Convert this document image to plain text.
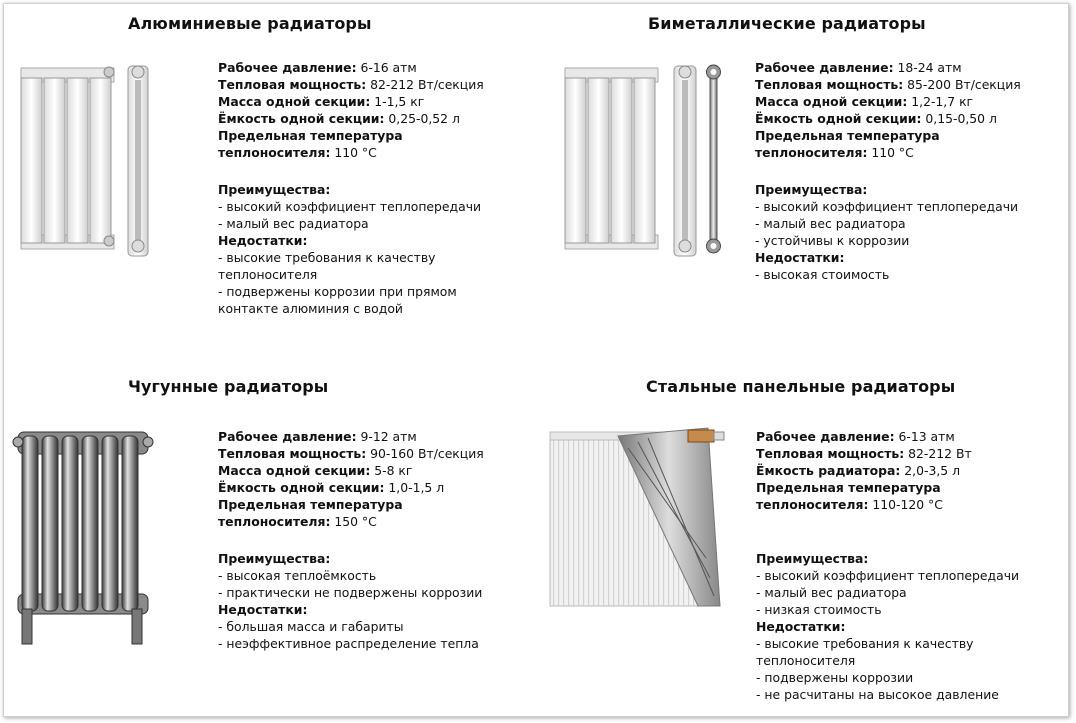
Алюминиевые радиаторы
Рабочее давление: 6-16 атм
Тепловая мощность: 82-212 Вт/секция
Масса одной секции: 1-1,5 кг
Ёмкость одной секции: 0,25-0,52 л
Предельная температура
теплоносителя: 110 °С
Преимущества:
- высокий коэффициент теплопередачи
- малый вес радиатора
Недостатки:
- высокие требования к качеству
теплоносителя
- подвержены коррозии при прямом
контакте алюминия с водой
Биметаллические радиаторы
Рабочее давление: 18-24 атм
Тепловая мощность: 85-200 Вт/секция
Масса одной секции: 1,2-1,7 кг
Ёмкость одной секции: 0,15-0,50 л
Предельная температура
теплоносителя: 110 °С
Преимущества:
- высокий коэффициент теплопередачи
- малый вес радиатора
- устойчивы к коррозии
Недостатки:
- высокая стоимость
Чугунные радиаторы
Рабочее давление: 9-12 атм
Тепловая мощность: 90-160 Вт/секция
Масса одной секции: 5-8 кг
Ёмкость одной секции: 1,0-1,5 л
Предельная температура
теплоносителя: 150 °С
Преимущества:
- высокая теплоёмкость
- практически не подвержены коррозии
Недостатки:
- большая масса и габариты
- неэффективное распределение тепла
Стальные панельные радиаторы
Рабочее давление: 6-13 атм
Тепловая мощность: 82-212 Вт
Ёмкость радиатора: 2,0-3,5 л
Предельная температура
теплоносителя: 110-120 °С
Преимущества:
- высокий коэффициент теплопередачи
- малый вес радиатора
- низкая стоимость
Недостатки:
- высокие требования к качеству
теплоносителя
- подвержены коррозии
- не расчитаны на высокое давление
